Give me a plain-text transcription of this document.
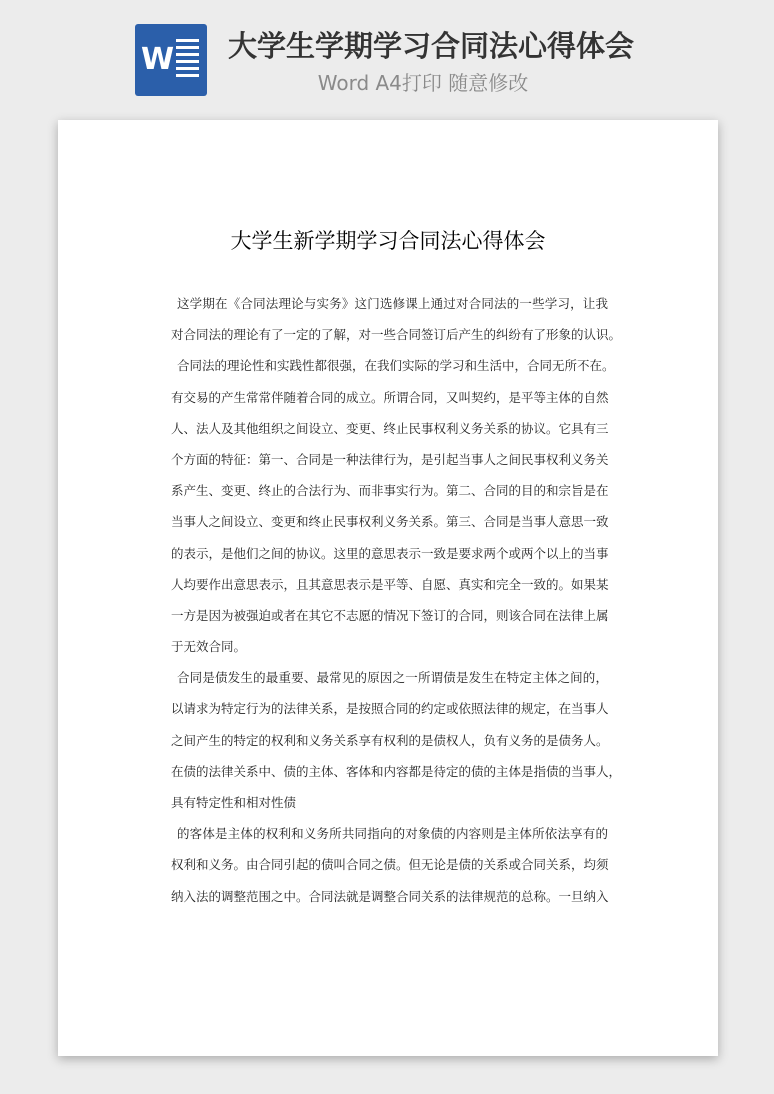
W 大学生学期学习合同法心得体会
Word A4打印 随意修改
大学生新学期学习合同法心得体会
这学期在《合同法理论与实务》这门选修课上通过对合同法的一些学习，让我
对合同法的理论有了一定的了解，对一些合同签订后产生的纠纷有了形象的认识。
合同法的理论性和实践性都很强，在我们实际的学习和生活中，合同无所不在。
有交易的产生常常伴随着合同的成立。所谓合同，又叫契约，是平等主体的自然
人、法人及其他组织之间设立、变更、终止民事权利义务关系的协议。它具有三
个方面的特征：第一、合同是一种法律行为，是引起当事人之间民事权利义务关
系产生、变更、终止的合法行为、而非事实行为。第二、合同的目的和宗旨是在
当事人之间设立、变更和终止民事权利义务关系。第三、合同是当事人意思一致
的表示，是他们之间的协议。这里的意思表示一致是要求两个或两个以上的当事
人均要作出意思表示，且其意思表示是平等、自愿、真实和完全一致的。如果某
一方是因为被强迫或者在其它不志愿的情况下签订的合同，则该合同在法律上属
于无效合同。
合同是债发生的最重要、最常见的原因之一所谓债是发生在特定主体之间的，
以请求为特定行为的法律关系，是按照合同的约定或依照法律的规定，在当事人
之间产生的特定的权利和义务关系享有权利的是债权人，负有义务的是债务人。
在债的法律关系中、债的主体、客体和内容都是待定的债的主体是指债的当事人，
具有特定性和相对性债
的客体是主体的权利和义务所共同指向的对象债的内容则是主体所依法享有的
权利和义务。由合同引起的债叫合同之债。但无论是债的关系或合同关系，均须
纳入法的调整范围之中。合同法就是调整合同关系的法律规范的总称。一旦纳入
